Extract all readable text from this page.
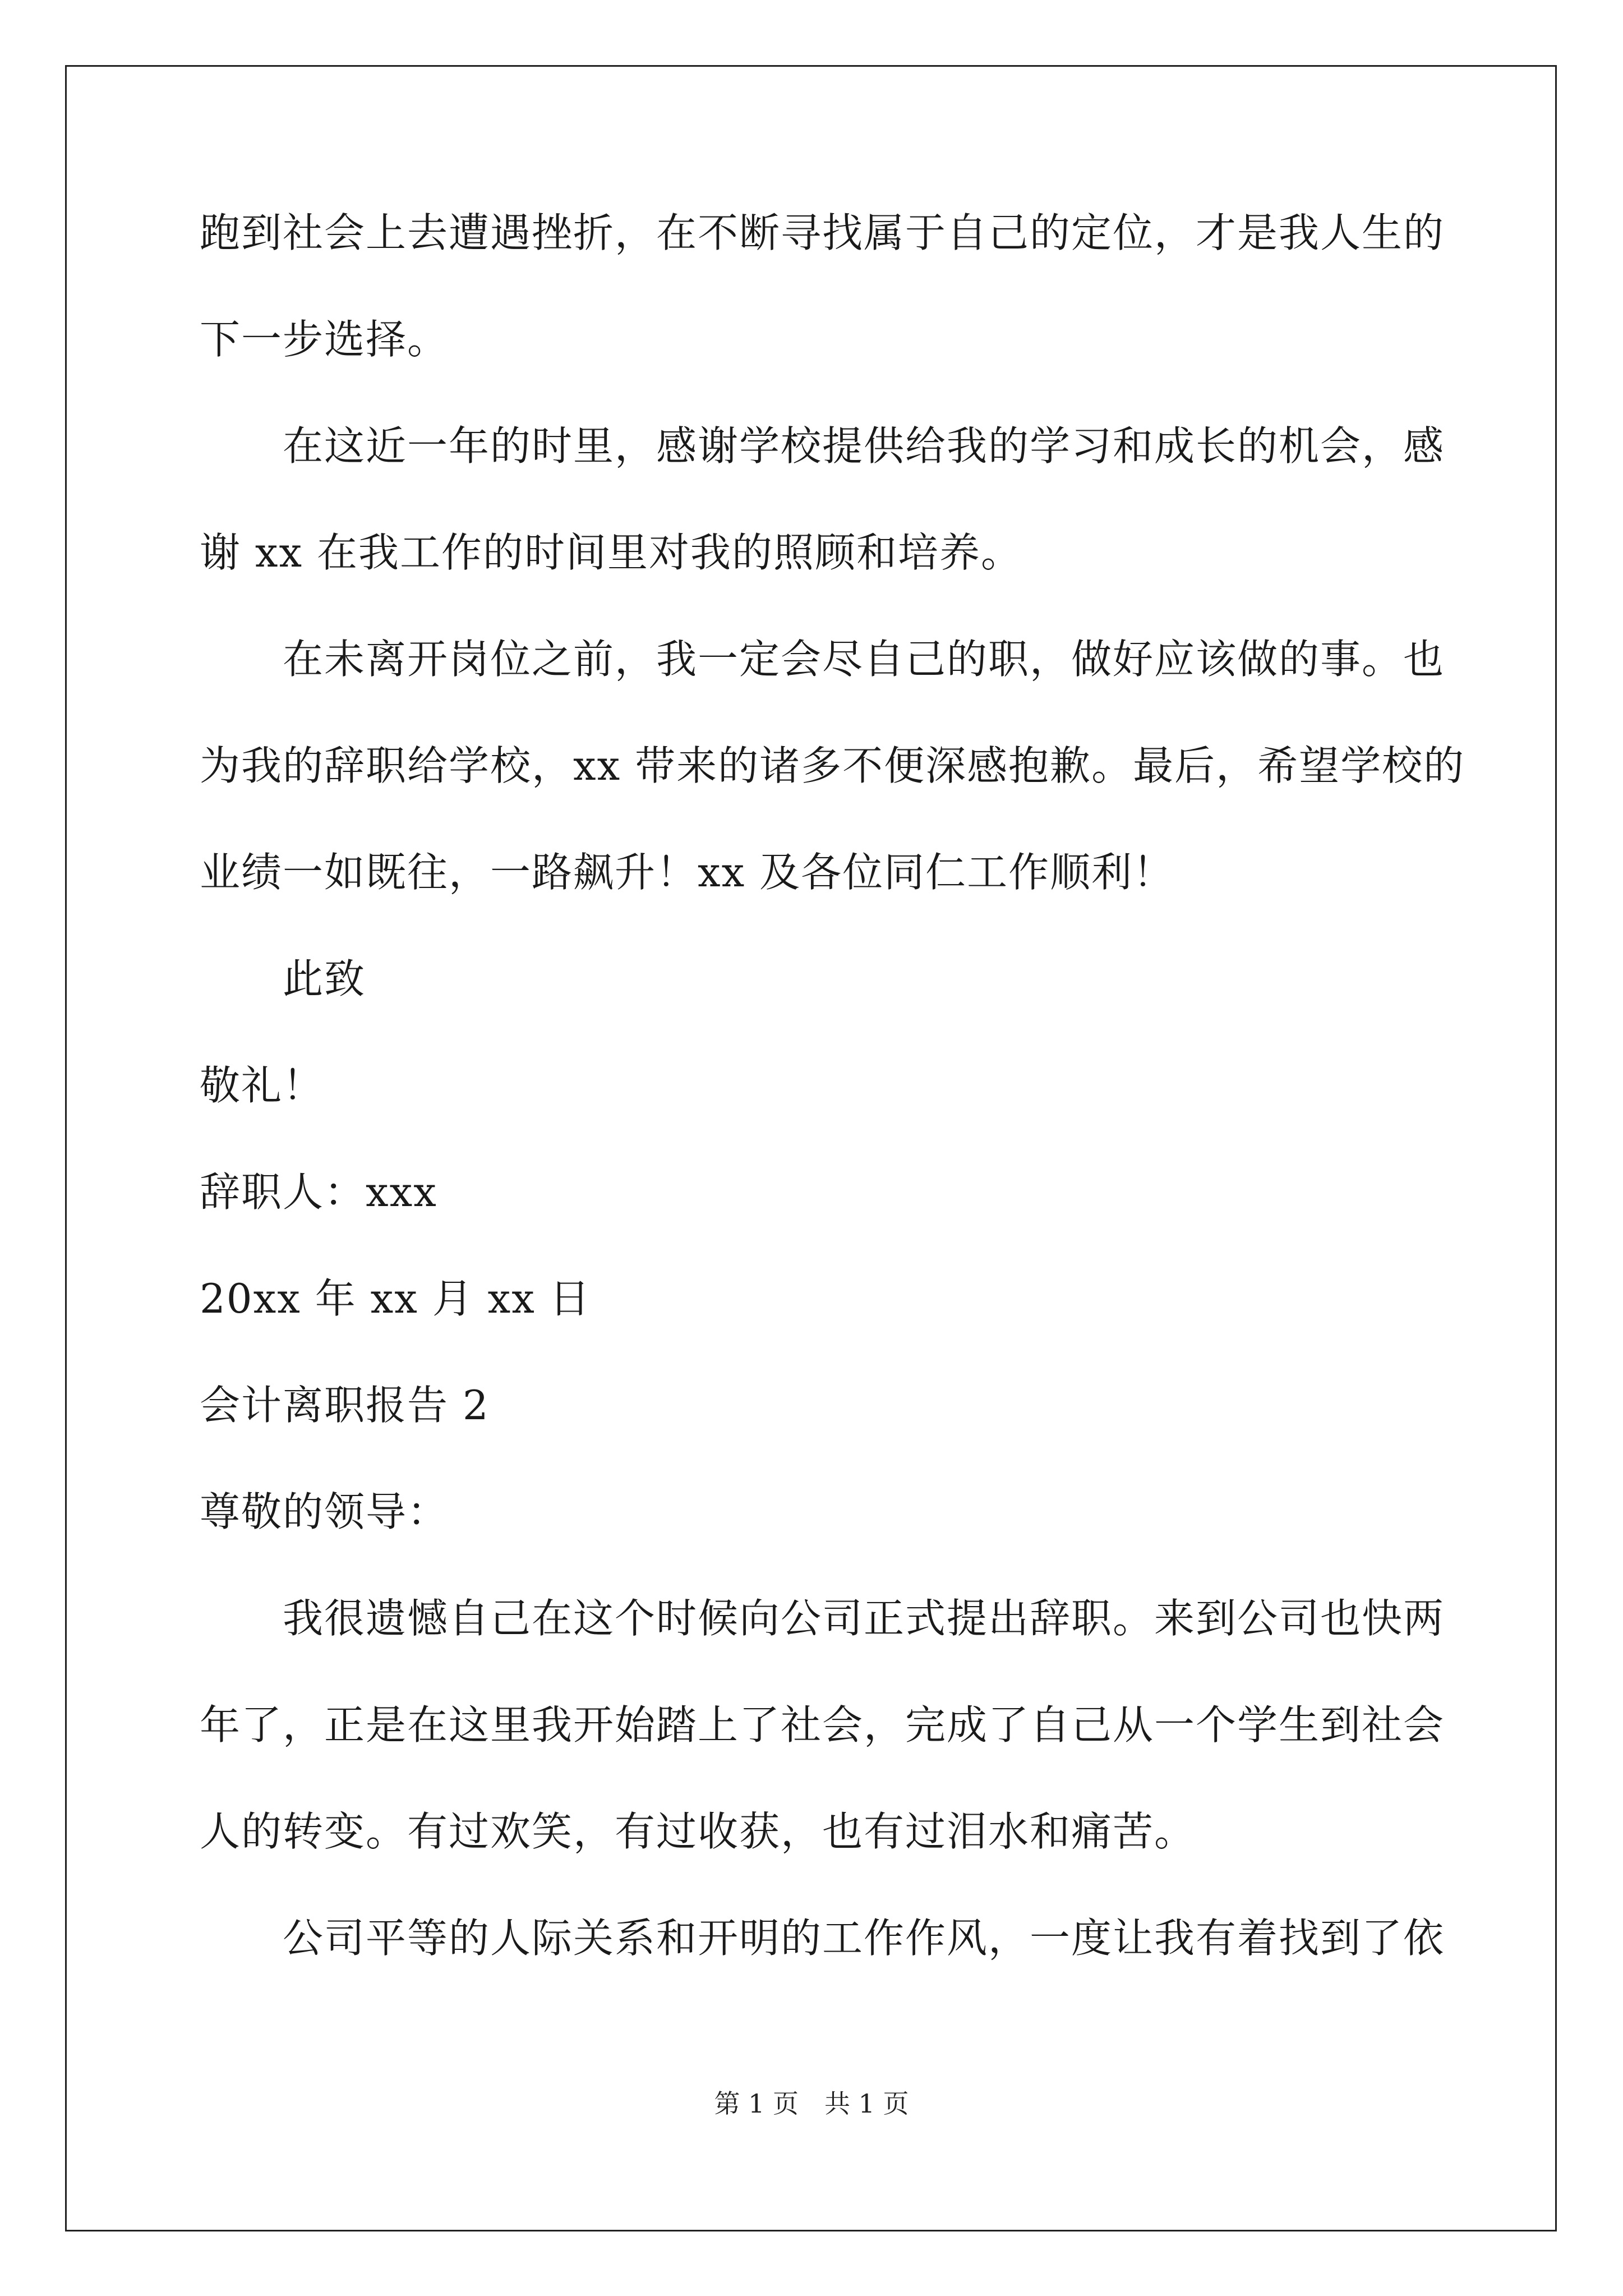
跑到社会上去遭遇挫折，在不断寻找属于自己的定位，才是我人生的
下一步选择。
在这近一年的时里，感谢学校提供给我的学习和成长的机会，感
谢 xx 在我工作的时间里对我的照顾和培养。
在未离开岗位之前，我一定会尽自己的职，做好应该做的事。也
为我的辞职给学校，xx 带来的诸多不便深感抱歉。最后，希望学校的
业绩一如既往，一路飙升！xx 及各位同仁工作顺利！
此致
敬礼！
辞职人：xxx
20xx 年 xx 月 xx 日
会计离职报告 2
尊敬的领导：
我很遗憾自己在这个时候向公司正式提出辞职。来到公司也快两
年了，正是在这里我开始踏上了社会，完成了自己从一个学生到社会
人的转变。有过欢笑，有过收获，也有过泪水和痛苦。
公司平等的人际关系和开明的工作作风，一度让我有着找到了依
第 1 页　共 1 页
